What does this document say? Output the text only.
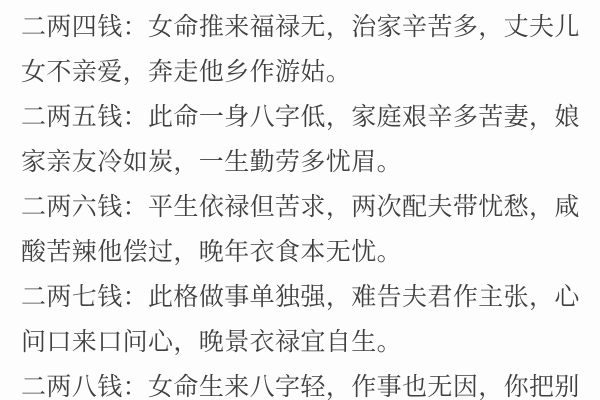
二两四钱：女命推来福禄无，治家辛苦多，丈夫儿女不亲爱，奔走他乡作游姑。

二两五钱：此命一身八字低，家庭艰辛多苦妻，娘家亲友冷如炭，一生勤劳多忧眉。

二两六钱：平生依禄但苦求，两次配夫带忧愁，咸酸苦辣他偿过，晚年衣食本无忧。

二两七钱：此格做事单独强，难告夫君作主张，心问口来口问心，晚景衣禄宜自生。

二两八钱：女命生来八字轻，作事也无因，你把别
